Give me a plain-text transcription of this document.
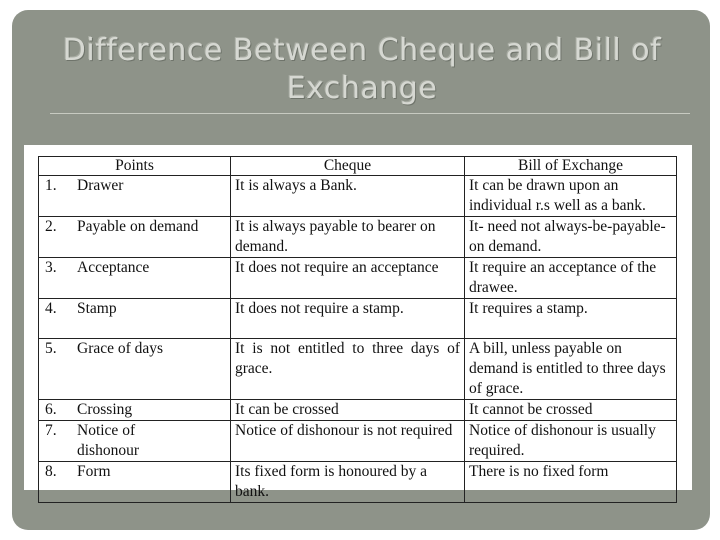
Difference Between Cheque and Bill of
Exchange
Points	Cheque	Bill of Exchange
1. Drawer	It is always a Bank.	It can be drawn upon an individual r.s well as a bank.
2. Payable on demand	It is always payable to bearer on demand.	It- need not always-be-payable-on demand.
3. Acceptance	It does not require an acceptance	It require an acceptance of the drawee.
4. Stamp	It does not require a stamp.	It requires a stamp.
5. Grace of days	It is not entitled to three days of grace.	A bill, unless payable on demand is entitled to three days of grace.
6. Crossing	It can be crossed	It cannot be crossed
7. Notice of dishonour	Notice of dishonour is not required	Notice of dishonour is usually required.
8. Form	Its fixed form is honoured by a bank.	There is no fixed form
